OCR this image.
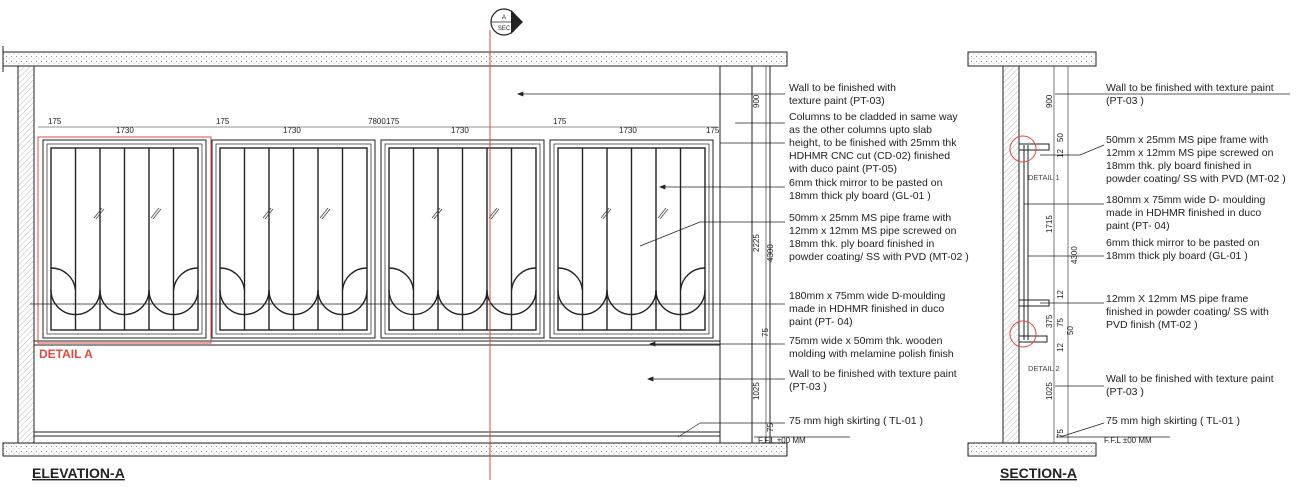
DETAIL A
A
SEC
175
1730
175
1730
7800 175
1730
175
1730	175
900
2225
4300
75
1025
75
F.F.L ±00 MM
Wall to be finished with
texture paint (PT-03)
Columns to be cladded in same way
as the other columns upto slab
height, to be finished with 25mm thk
HDHMR CNC cut (CD-02) finished
with duco paint (PT-05)
6mm thick mirror to be pasted on
18mm thick ply board (GL-01 )
50mm x 25mm MS pipe frame with
12mm x 12mm MS pipe screwed on
18mm thk. ply board finished in
powder coating/ SS with PVD (MT-02 )
180mm x 75mm wide D-moulding
made in HDHMR finished in duco
paint (PT- 04)
75mm wide x 50mm thk. wooden
molding with melamine polish finish
Wall to be finished with texture paint
(PT-03 )
75 mm high skirting ( TL-01 )
ELEVATION-A
DETAIL 1
DETAIL 2
900
50
12
1715
4300
12
375 75
50
12
1025
75
F.F.L ±00 MM
Wall to be finished with texture paint
(PT-03 )
50mm x 25mm MS pipe frame with
12mm x 12mm MS pipe screwed on
18mm thk. ply board finished in
powder coating/ SS with PVD (MT-02 )
180mm x 75mm wide D- moulding
made in HDHMR finished in duco
paint (PT- 04)
6mm thick mirror to be pasted on
18mm thick ply board (GL-01 )
12mm X 12mm MS pipe frame
finished in powder coating/ SS with
PVD finish (MT-02 )
Wall to be finished with texture paint
(PT-03 )
75 mm high skirting ( TL-01 )
SECTION-A
